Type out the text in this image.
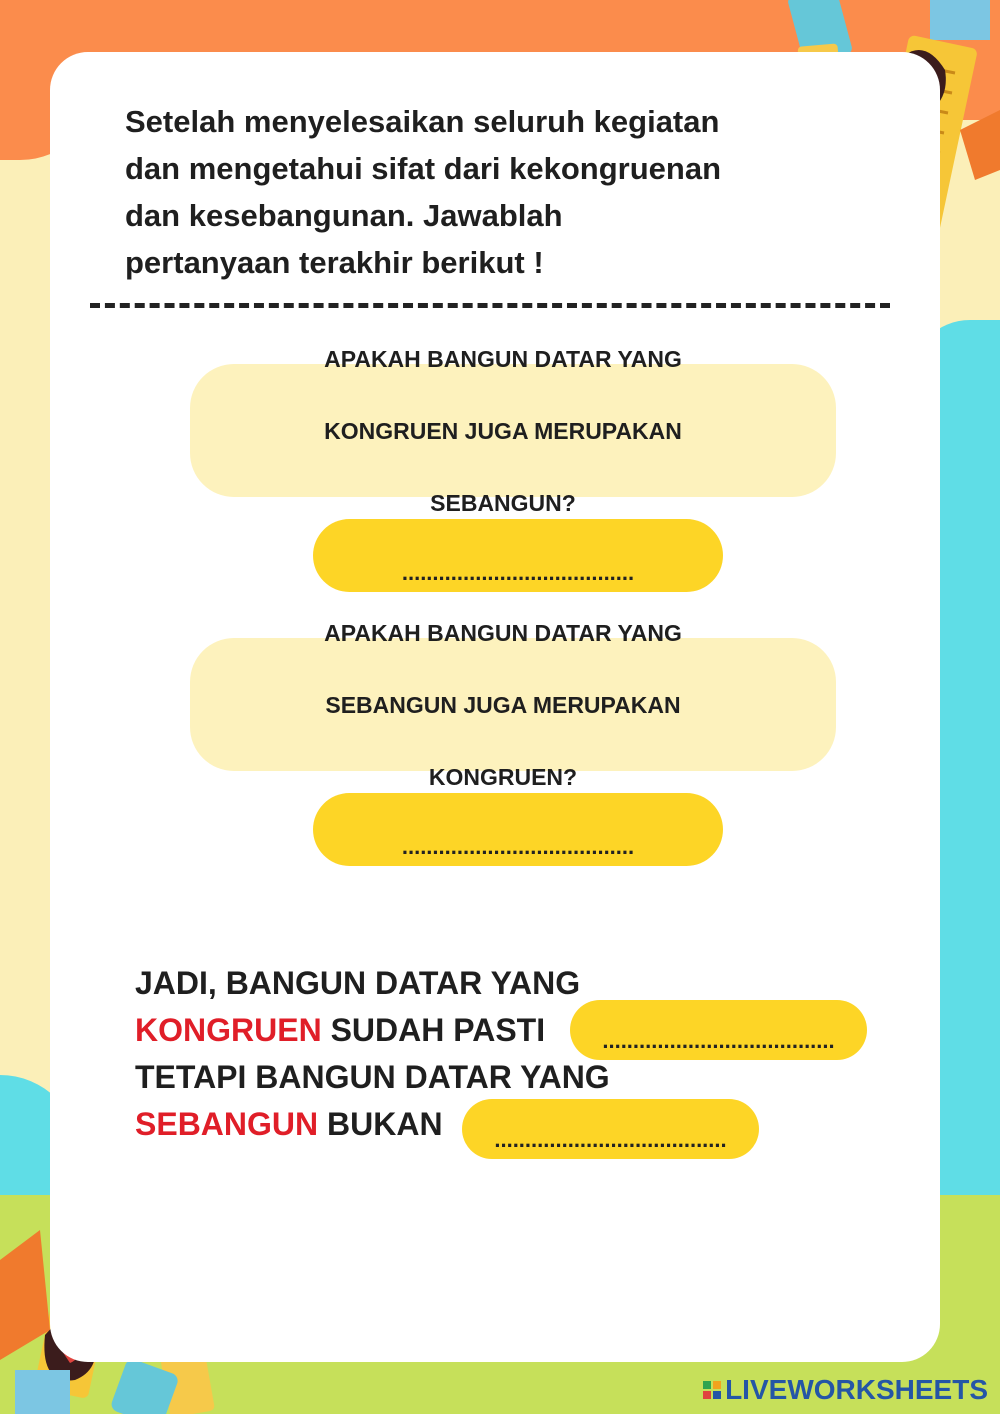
Setelah menyelesaikan seluruh kegiatan
dan mengetahui sifat dari kekongruenan
dan kesebangunan. Jawablah
pertanyaan terakhir berikut !

APAKAH BANGUN DATAR YANG

KONGRUEN JUGA MERUPAKAN

SEBANGUN?
......................................
APAKAH BANGUN DATAR YANG

SEBANGUN JUGA MERUPAKAN

KONGRUEN?
......................................
JADI, BANGUN DATAR YANG
KONGRUEN SUDAH PASTI	......................................
TETAPI BANGUN DATAR YANG
SEBANGUN BUKAN ......................................
LIVEWORKSHEETS
